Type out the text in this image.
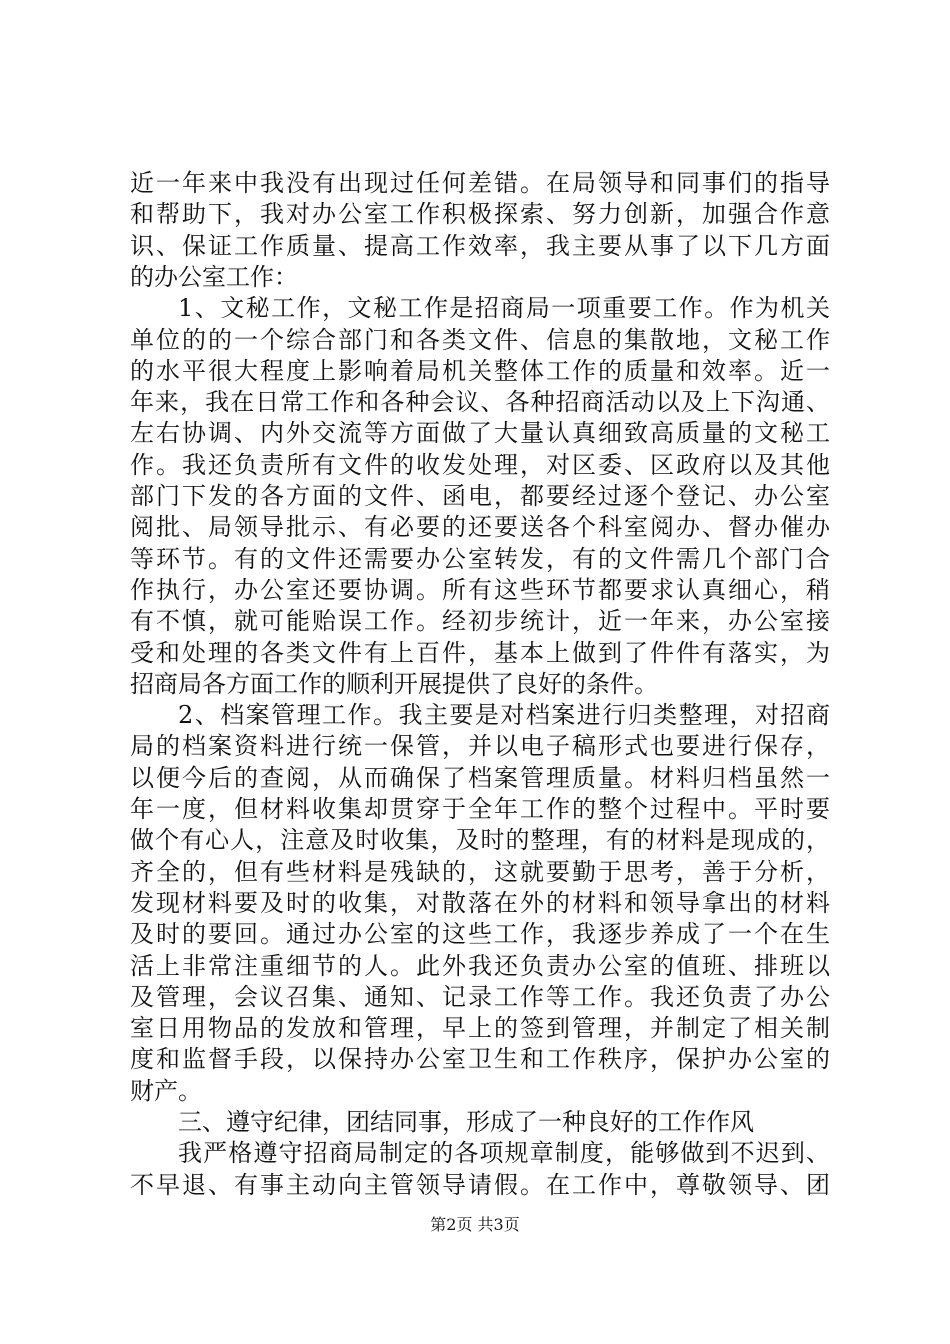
近一年来中我没有出现过任何差错。在局领导和同事们的指导
和帮助下，我对办公室工作积极探索、努力创新，加强合作意
识、保证工作质量、提高工作效率，我主要从事了以下几方面
的办公室工作：
1、文秘工作，文秘工作是招商局一项重要工作。作为机关
单位的的一个综合部门和各类文件、信息的集散地，文秘工作
的水平很大程度上影响着局机关整体工作的质量和效率。近一
年来，我在日常工作和各种会议、各种招商活动以及上下沟通、
左右协调、内外交流等方面做了大量认真细致高质量的文秘工
作。我还负责所有文件的收发处理，对区委、区政府以及其他
部门下发的各方面的文件、函电，都要经过逐个登记、办公室
阅批、局领导批示、有必要的还要送各个科室阅办、督办催办
等环节。有的文件还需要办公室转发，有的文件需几个部门合
作执行，办公室还要协调。所有这些环节都要求认真细心，稍
有不慎，就可能贻误工作。经初步统计，近一年来，办公室接
受和处理的各类文件有上百件，基本上做到了件件有落实，为
招商局各方面工作的顺利开展提供了良好的条件。
2、档案管理工作。我主要是对档案进行归类整理，对招商
局的档案资料进行统一保管，并以电子稿形式也要进行保存，
以便今后的查阅，从而确保了档案管理质量。材料归档虽然一
年一度，但材料收集却贯穿于全年工作的整个过程中。平时要
做个有心人，注意及时收集，及时的整理，有的材料是现成的，
齐全的，但有些材料是残缺的，这就要勤于思考，善于分析，
发现材料要及时的收集，对散落在外的材料和领导拿出的材料
及时的要回。通过办公室的这些工作，我逐步养成了一个在生
活上非常注重细节的人。此外我还负责办公室的值班、排班以
及管理，会议召集、通知、记录工作等工作。我还负责了办公
室日用物品的发放和管理，早上的签到管理，并制定了相关制
度和监督手段，以保持办公室卫生和工作秩序，保护办公室的
财产。
三、遵守纪律，团结同事，形成了一种良好的工作作风
我严格遵守招商局制定的各项规章制度，能够做到不迟到、
不早退、有事主动向主管领导请假。在工作中，尊敬领导、团
第2页 共3页
